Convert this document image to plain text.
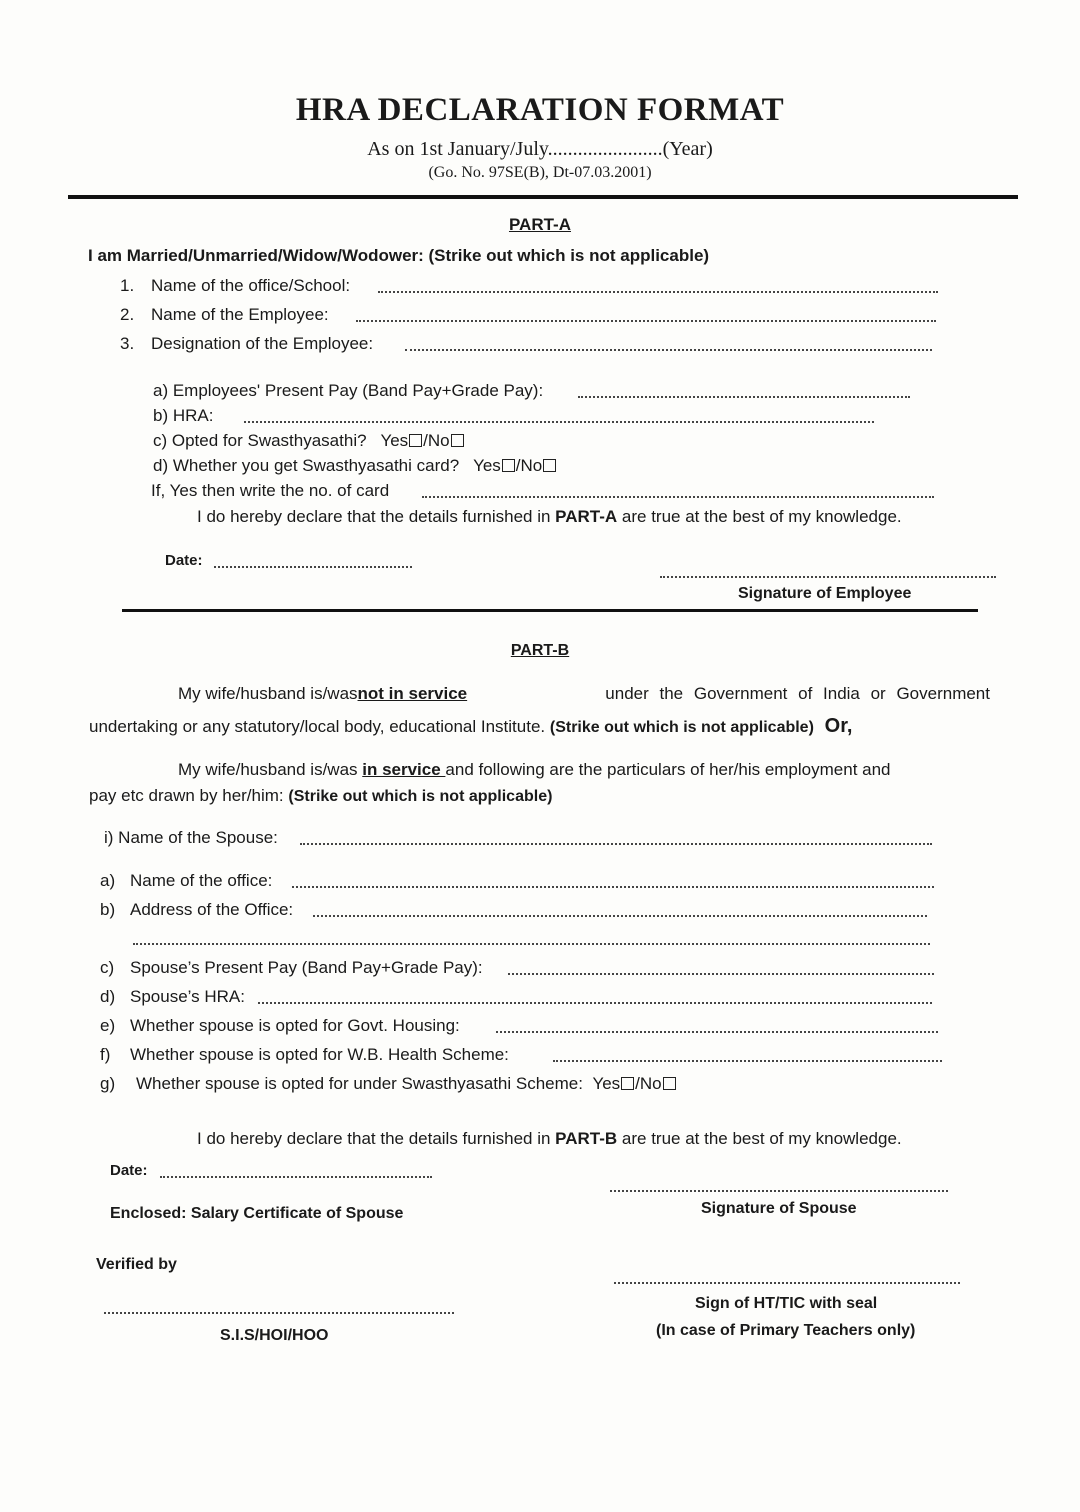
HRA DECLARATION FORMAT
As on 1st January/July.......................(Year)
(Go. No. 97SE(B), Dt-07.03.2001)
PART-A
I am Married/Unmarried/Widow/Wodower: (Strike out which is not applicable)
1. Name of the office/School:
2. Name of the Employee:
3. Designation of the Employee:
a) Employees' Present Pay (Band Pay+Grade Pay):
b) HRA:
c) Opted for Swasthyasathi? Yes /No
d) Whether you get Swasthyasathi card? Yes /No
If, Yes then write the no. of card
I do hereby declare that the details furnished in PART-A are true at the best of my knowledge.
Date:
Signature of Employee
PART-B
My wife/husband is/was not in service	under the Government of India or Government
undertaking or any statutory/local body, educational Institute. (Strike out which is not applicable) Or,
My wife/husband is/was in service and following are the particulars of her/his employment and
pay etc drawn by her/him: (Strike out which is not applicable)
i) Name of the Spouse:
a) Name of the office:
b) Address of the Office:
c) Spouse’s Present Pay (Band Pay+Grade Pay):
d) Spouse’s HRA:
e) Whether spouse is opted for Govt. Housing:
f) Whether spouse is opted for W.B. Health Scheme:
g) Whether spouse is opted for under Swasthyasathi Scheme: Yes /No
I do hereby declare that the details furnished in PART-B are true at the best of my knowledge.
Date:
Signature of Spouse
Enclosed: Salary Certificate of Spouse
Verified by
Sign of HT/TIC with seal
(In case of Primary Teachers only)
S.I.S/HOI/HOO
